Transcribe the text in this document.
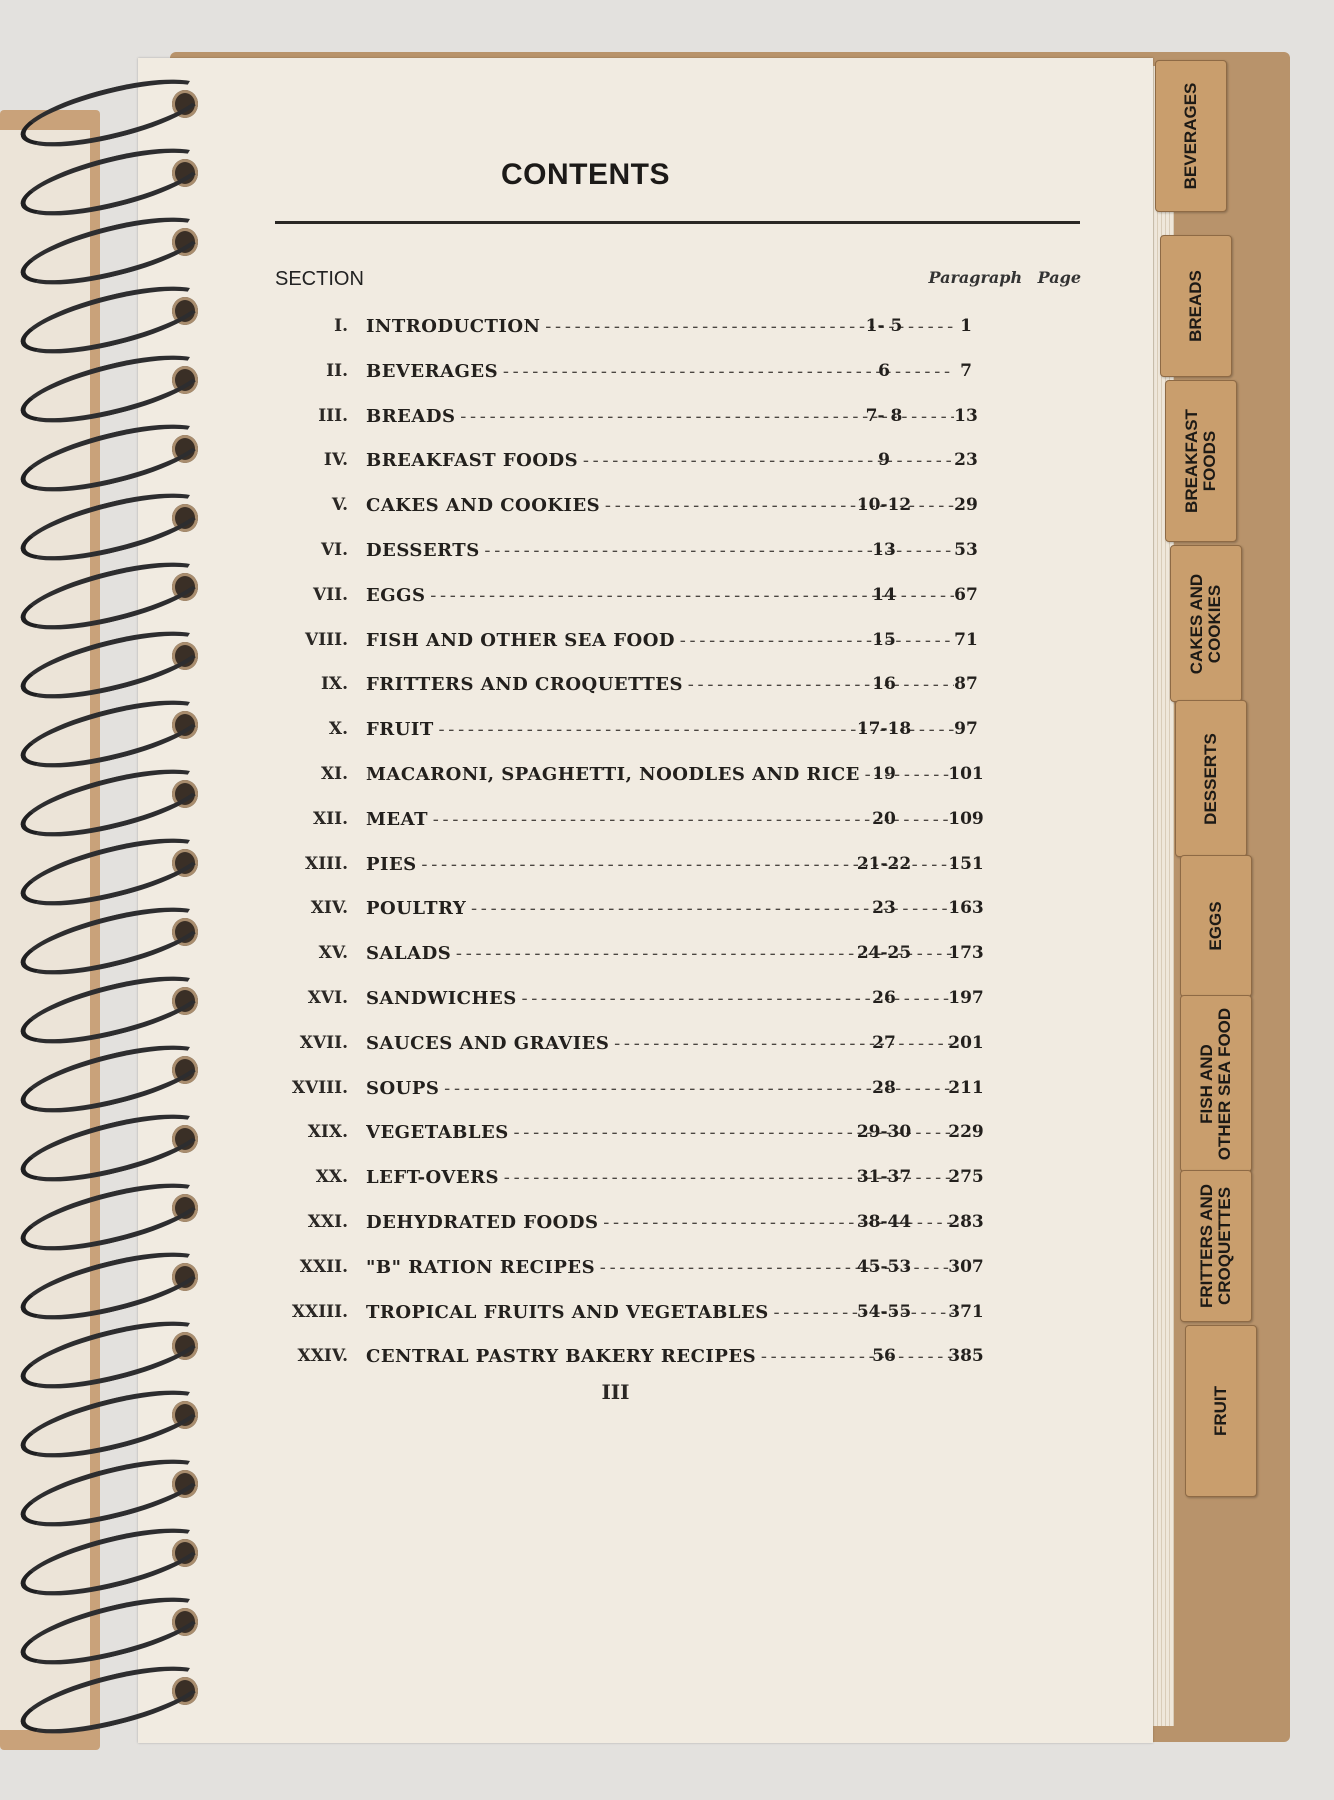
BEVERAGES
BREADS
BREAKFAST
FOODS
CAKES AND
COOKIES
DESSERTS
EGGS
FISH AND
OTHER SEA FOOD
FRITTERS AND
CROQUETTES
FRUIT
CONTENTS
SECTION	Paragraph Page
I. INTRODUCTION - - -	1- 5	1
II. BEVERAGES - - -	6	7
III. BREADS - - -	7- 8	13
IV. BREAKFAST FOODS - - -	9	23
V. CAKES AND COOKIES - - -	10-12	29
VI. DESSERTS - - -	13	53
VII. EGGS - - -	14	67
VIII. FISH AND OTHER SEA FOOD - - -	15	71
IX. FRITTERS AND CROQUETTES - - -	16	87
X. FRUIT - - -	17-18	97
XI. MACARONI, SPAGHETTI, NOODLES AND RICE - - - 19	101
XII. MEAT - - -	20	109
XIII. PIES - - -	21-22	151
XIV. POULTRY - - -	23	163
XV. SALADS - - -	24-25	173
XVI. SANDWICHES - - -	26	197
XVII. SAUCES AND GRAVIES - - -	27	201
XVIII. SOUPS - - -	28	211
XIX. VEGETABLES - - -	29-30	229
XX. LEFT-OVERS - - -	31-37	275
XXI. DEHYDRATED FOODS - - -	38-44	283
XXII. "B" RATION RECIPES - - -	45-53	307
XXIII. TROPICAL FRUITS AND VEGETABLES - - -	54-55	371
XXIV. CENTRAL PASTRY BAKERY RECIPES - - -	56	385
III
